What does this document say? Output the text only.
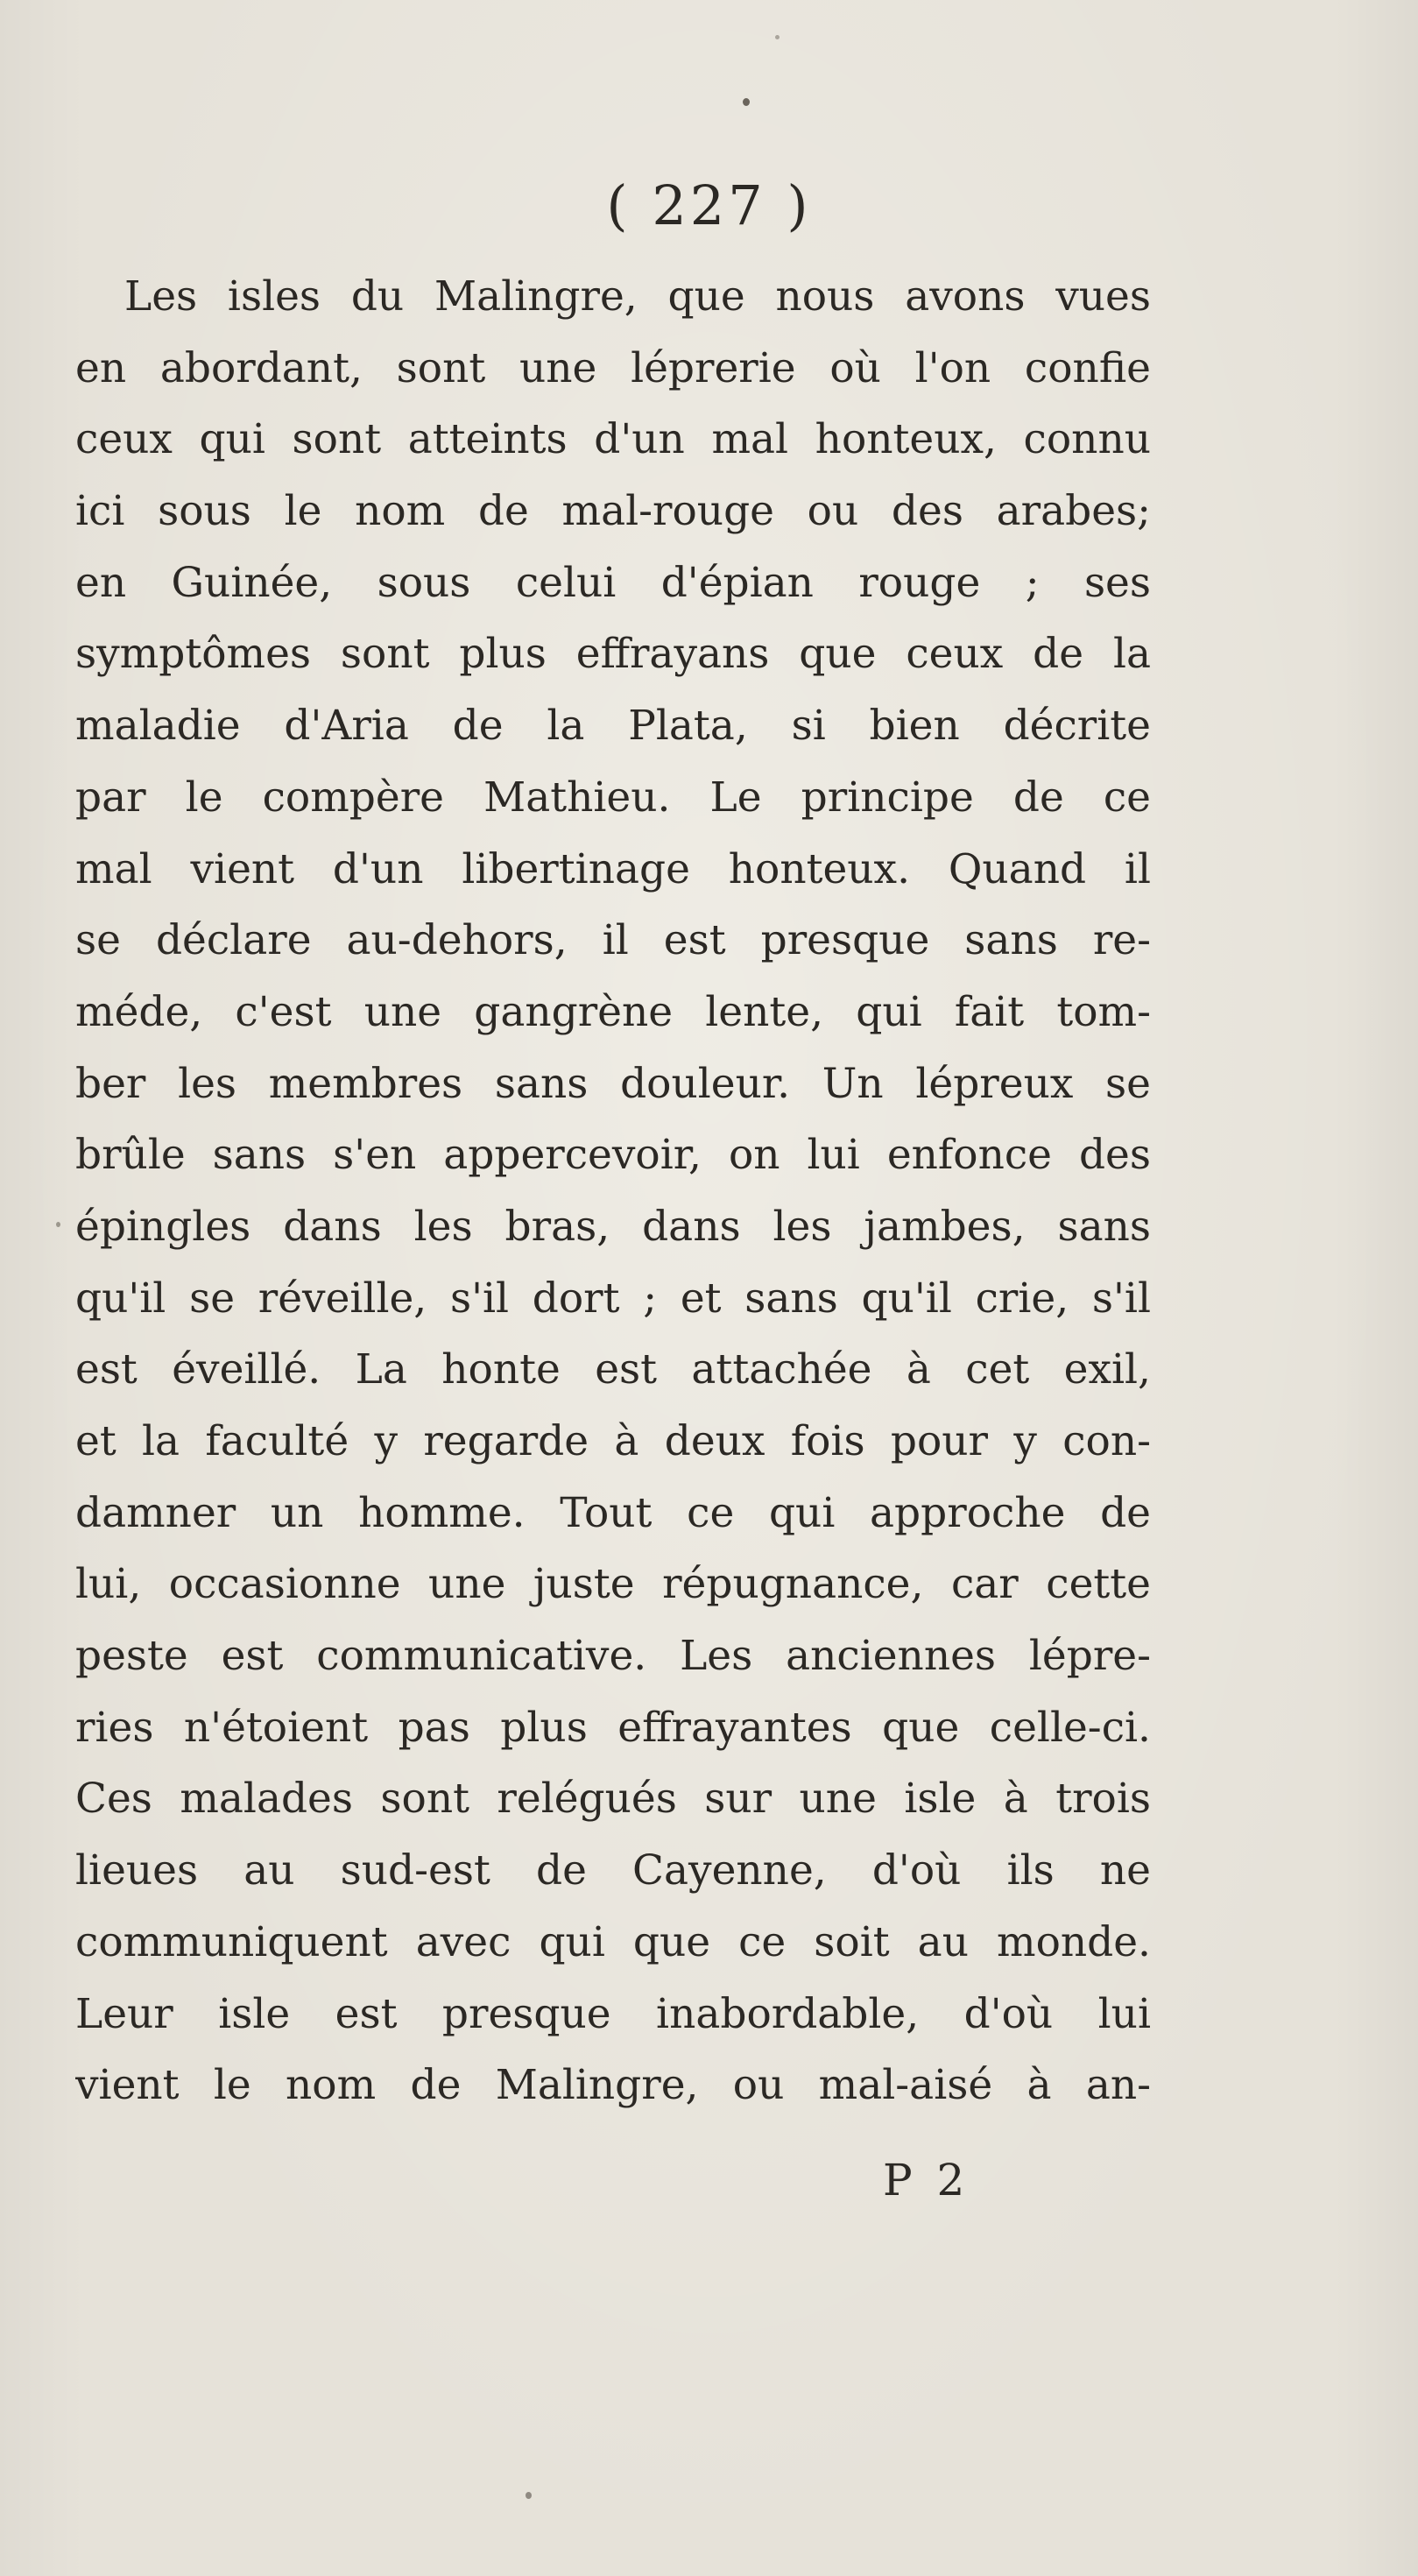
( 227 )
Les isles du Malingre, que nous avons vues
en abordant, sont une léprerie où l'on confie
ceux qui sont atteints d'un mal honteux, connu
ici sous le nom de mal-rouge ou des arabes;
en Guinée, sous celui d'épian rouge ; ses
symptômes sont plus effrayans que ceux de la
maladie d'Aria de la Plata, si bien décrite
par le compère Mathieu. Le principe de ce
mal vient d'un libertinage honteux. Quand il
se déclare au-dehors, il est presque sans re-
méde, c'est une gangrène lente, qui fait tom-
ber les membres sans douleur. Un lépreux se
brûle sans s'en appercevoir, on lui enfonce des
épingles dans les bras, dans les jambes, sans
qu'il se réveille, s'il dort ; et sans qu'il crie, s'il
est éveillé. La honte est attachée à cet exil,
et la faculté y regarde à deux fois pour y con-
damner un homme. Tout ce qui approche de
lui, occasionne une juste répugnance, car cette
peste est communicative. Les anciennes lépre-
ries n'étoient pas plus effrayantes que celle-ci.
Ces malades sont relégués sur une isle à trois
lieues au sud-est de Cayenne, d'où ils ne
communiquent avec qui que ce soit au monde.
Leur isle est presque inabordable, d'où lui
vient le nom de Malingre, ou mal-aisé à an-
P 2
